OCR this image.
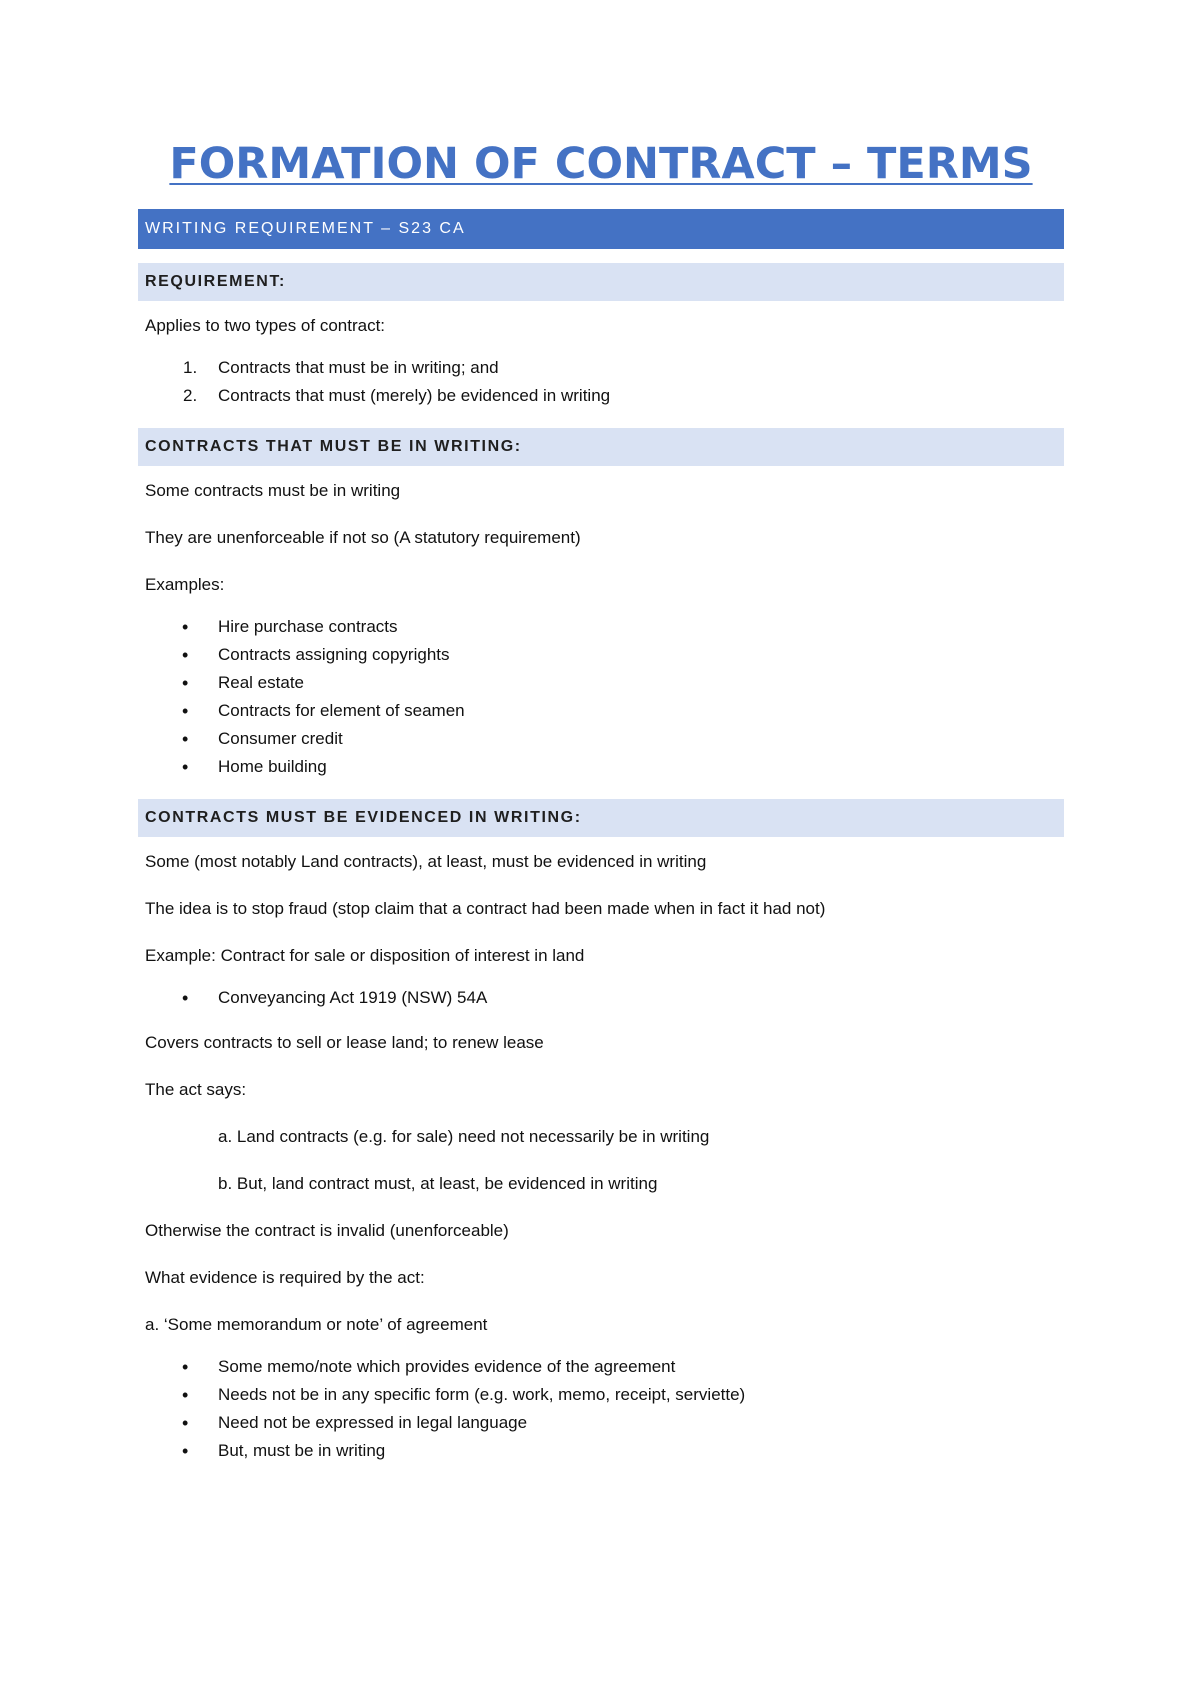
FORMATION OF CONTRACT – TERMS
WRITING REQUIREMENT – S23 CA
REQUIREMENT:

Applies to two types of contract:

1. Contracts that must be in writing; and
2. Contracts that must (merely) be evidenced in writing
CONTRACTS THAT MUST BE IN WRITING:

Some contracts must be in writing

They are unenforceable if not so (A statutory requirement)

Examples:

• Hire purchase contracts
• Contracts assigning copyrights
• Real estate
• Contracts for element of seamen
• Consumer credit
• Home building
CONTRACTS MUST BE EVIDENCED IN WRITING:

Some (most notably Land contracts), at least, must be evidenced in writing

The idea is to stop fraud (stop claim that a contract had been made when in fact it had not)

Example: Contract for sale or disposition of interest in land

• Conveyancing Act 1919 (NSW) 54A

Covers contracts to sell or lease land; to renew lease

The act says:

a. Land contracts (e.g. for sale) need not necessarily be in writing

b. But, land contract must, at least, be evidenced in writing

Otherwise the contract is invalid (unenforceable)

What evidence is required by the act:

a. ‘Some memorandum or note’ of agreement

• Some memo/note which provides evidence of the agreement
• Needs not be in any specific form (e.g. work, memo, receipt, serviette)
• Need not be expressed in legal language
• But, must be in writing
